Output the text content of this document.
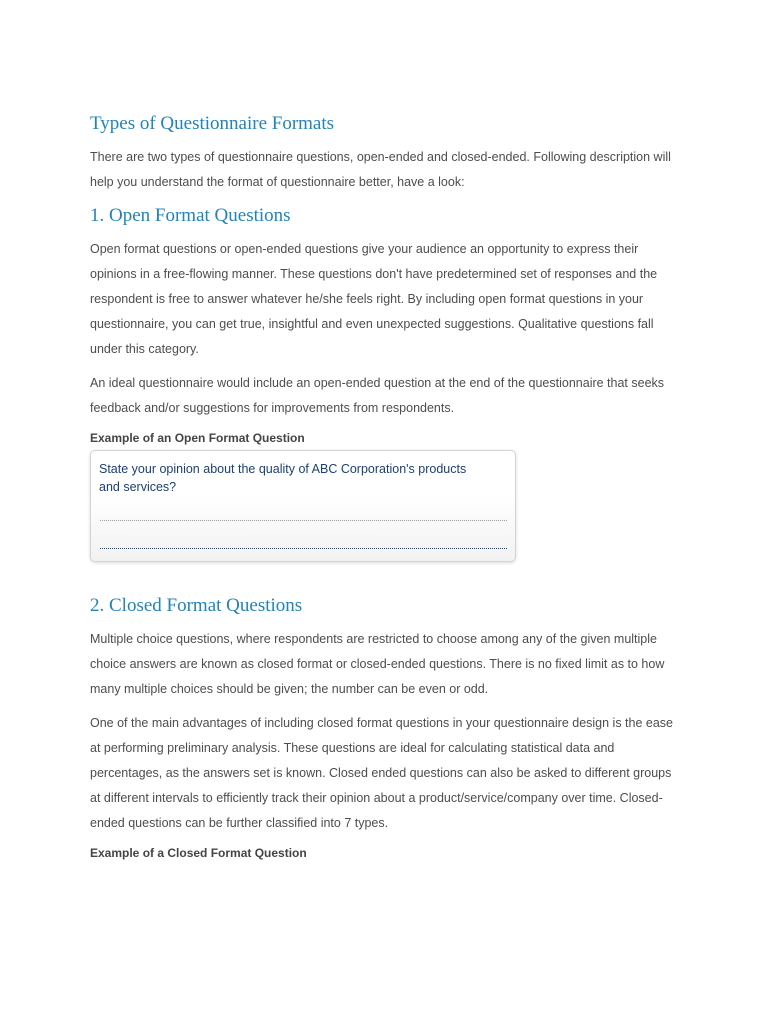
Types of Questionnaire Formats

There are two types of questionnaire questions, open-ended and closed-ended. Following description will help you understand the format of questionnaire better, have a look:

1. Open Format Questions

Open format questions or open-ended questions give your audience an opportunity to express their opinions in a free-flowing manner. These questions don't have predetermined set of responses and the respondent is free to answer whatever he/she feels right. By including open format questions in your questionnaire, you can get true, insightful and even unexpected suggestions. Qualitative questions fall under this category.

An ideal questionnaire would include an open-ended question at the end of the questionnaire that seeks feedback and/or suggestions for improvements from respondents.

Example of an Open Format Question

State your opinion about the quality of ABC Corporation's products and services?

2. Closed Format Questions

Multiple choice questions, where respondents are restricted to choose among any of the given multiple choice answers are known as closed format or closed-ended questions. There is no fixed limit as to how many multiple choices should be given; the number can be even or odd.

One of the main advantages of including closed format questions in your questionnaire design is the ease at performing preliminary analysis. These questions are ideal for calculating statistical data and percentages, as the answers set is known. Closed ended questions can also be asked to different groups at different intervals to efficiently track their opinion about a product/service/company over time. Closed-ended questions can be further classified into 7 types.

Example of a Closed Format Question
